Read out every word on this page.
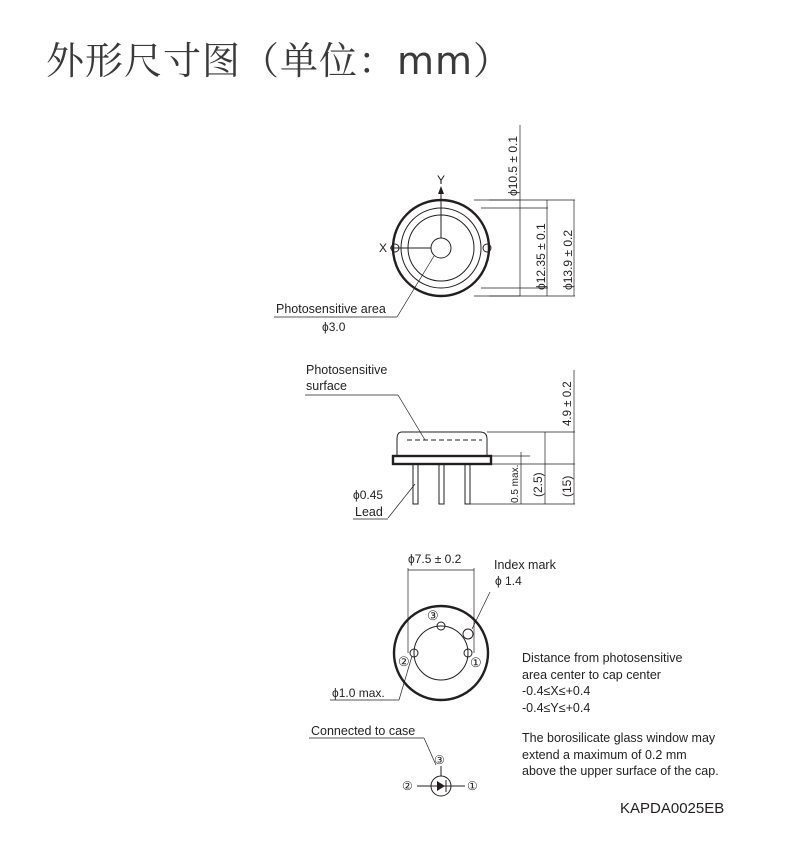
外形尺寸图（单位：mm）
Y
X
ϕ10.5 ± 0.1
ϕ12.35 ± 0.1 ϕ13.9 ± 0.2
Photosensitive area
ϕ3.0
Photosensitive
surface	4.9 ± 0.2
0.5 max. (2.5) (15)
ϕ0.45
Lead
ϕ7.5 ± 0.2	Index mark
ϕ 1.4
②	①
③
ϕ1.0 max.
Connected to case
③
②	①
Distance from photosensitive
area center to cap center
-0.4≤X≤+0.4
-0.4≤Y≤+0.4
The borosilicate glass window may
extend a maximum of 0.2 mm
above the upper surface of the cap.
KAPDA0025EB
